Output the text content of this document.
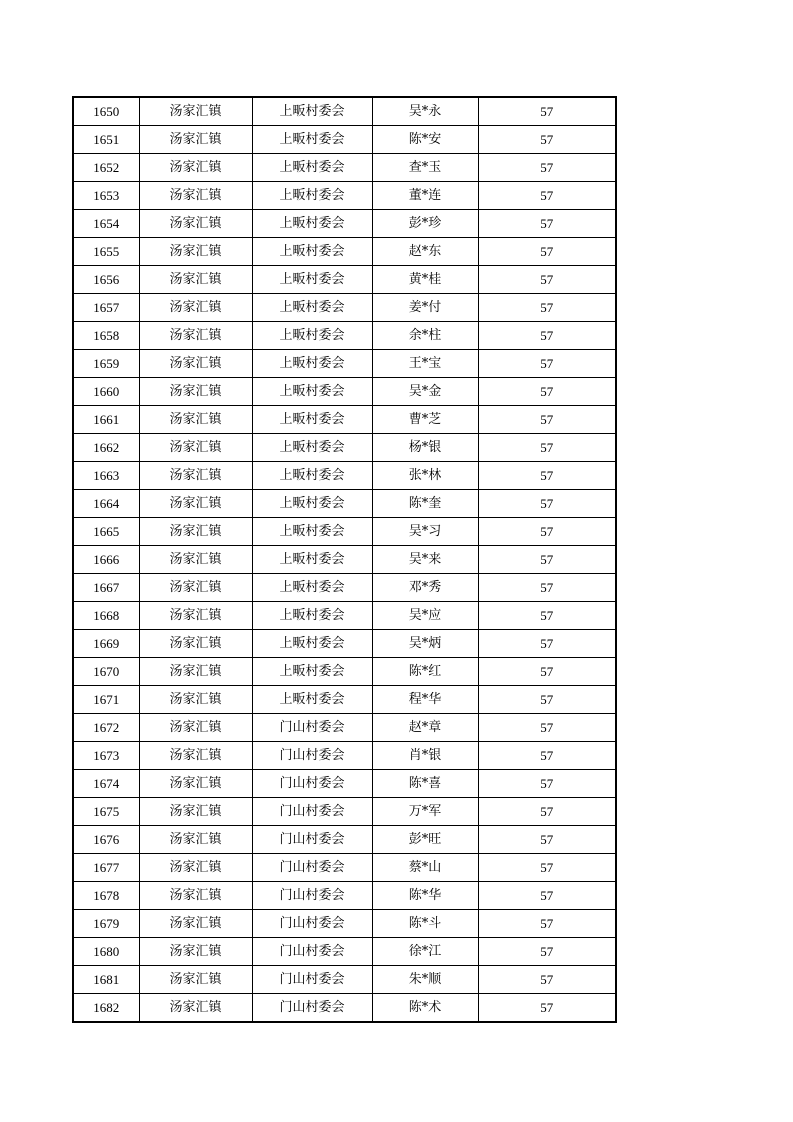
1650	汤家汇镇	上畈村委会	吴*永	57
1651	汤家汇镇	上畈村委会	陈*安	57
1652	汤家汇镇	上畈村委会	查*玉	57
1653	汤家汇镇	上畈村委会	董*连	57
1654	汤家汇镇	上畈村委会	彭*珍	57
1655	汤家汇镇	上畈村委会	赵*东	57
1656	汤家汇镇	上畈村委会	黄*桂	57
1657	汤家汇镇	上畈村委会	姜*付	57
1658	汤家汇镇	上畈村委会	余*柱	57
1659	汤家汇镇	上畈村委会	王*宝	57
1660	汤家汇镇	上畈村委会	吴*金	57
1661	汤家汇镇	上畈村委会	曹*芝	57
1662	汤家汇镇	上畈村委会	杨*银	57
1663	汤家汇镇	上畈村委会	张*林	57
1664	汤家汇镇	上畈村委会	陈*奎	57
1665	汤家汇镇	上畈村委会	吴*习	57
1666	汤家汇镇	上畈村委会	吴*来	57
1667	汤家汇镇	上畈村委会	邓*秀	57
1668	汤家汇镇	上畈村委会	吴*应	57
1669	汤家汇镇	上畈村委会	吴*炳	57
1670	汤家汇镇	上畈村委会	陈*红	57
1671	汤家汇镇	上畈村委会	程*华	57
1672	汤家汇镇	门山村委会	赵*章	57
1673	汤家汇镇	门山村委会	肖*银	57
1674	汤家汇镇	门山村委会	陈*喜	57
1675	汤家汇镇	门山村委会	万*军	57
1676	汤家汇镇	门山村委会	彭*旺	57
1677	汤家汇镇	门山村委会	蔡*山	57
1678	汤家汇镇	门山村委会	陈*华	57
1679	汤家汇镇	门山村委会	陈*斗	57
1680	汤家汇镇	门山村委会	徐*江	57
1681	汤家汇镇	门山村委会	朱*顺	57
1682	汤家汇镇	门山村委会	陈*术	57
